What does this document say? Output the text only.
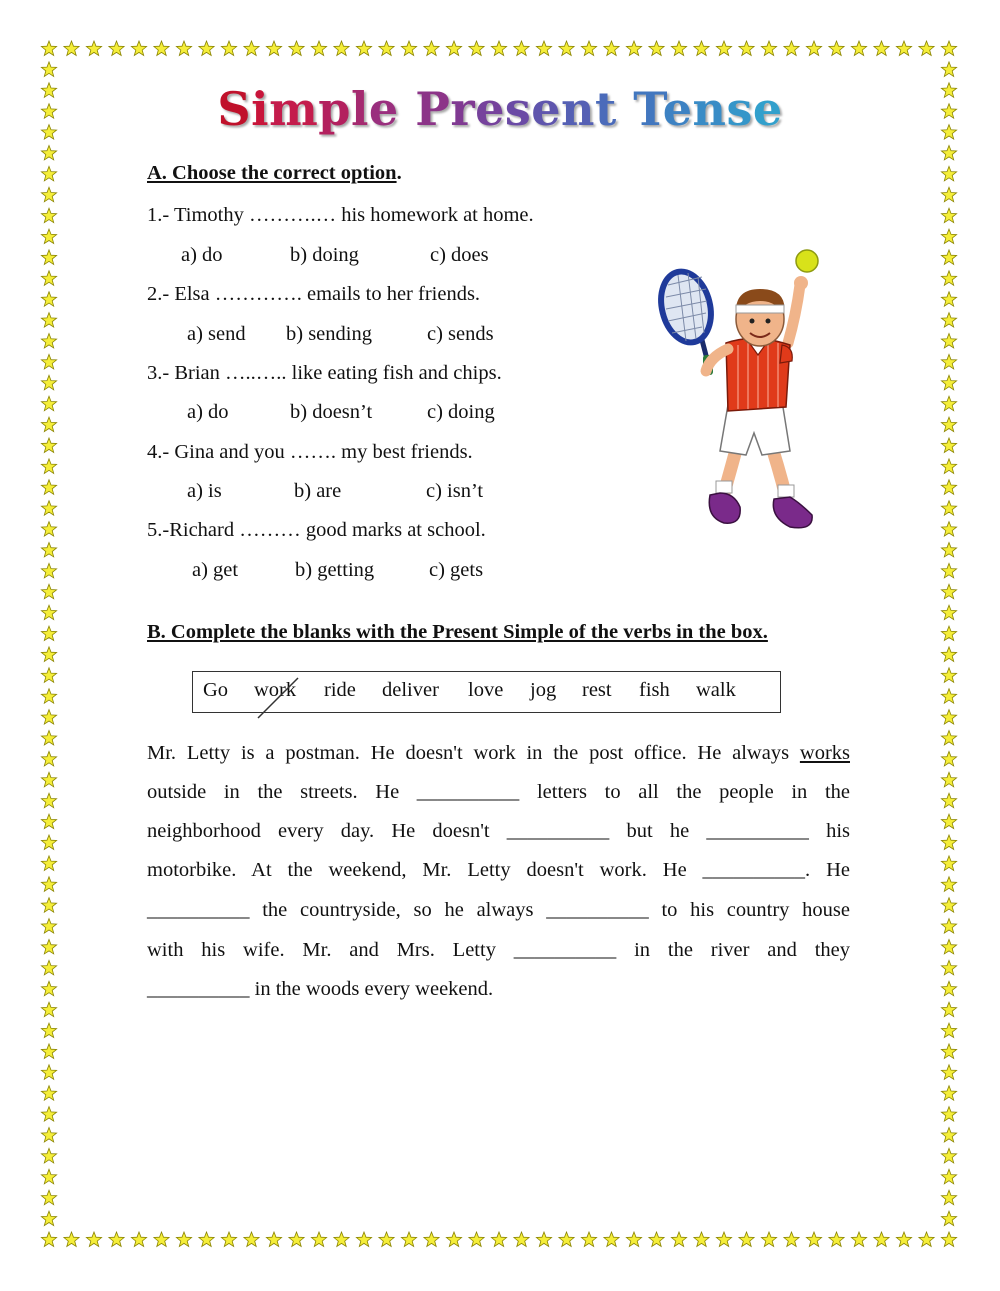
Simple Present Tense
A. Choose the correct option.
1.- Timothy ……….… his homework at home.
a) do	b) doing	c) does
2.- Elsa …………. emails to her friends.
a) send b) sending	c) sends
3.- Brian …..….. like eating fish and chips.
a) do	b) doesn’t	c) doing
4.- Gina and you ……. my best friends.
a) is	b) are	c) isn’t
5.-Richard ……… good marks at school.
a) get	b) getting	c) gets
B. Complete the blanks with the Present Simple of the verbs in the box.
Go work ride deliver love jog rest fish walk
Mr. Letty is a postman. He doesn't work in the post office. He always works
outside in the streets. He __________ letters to all the people in the
neighborhood every day. He doesn't __________ but he __________ his
motorbike. At the weekend, Mr. Letty doesn't work. He __________. He
__________ the countryside, so he always __________ to his country house
with his wife. Mr. and Mrs. Letty __________ in the river and they
__________ in the woods every weekend.
